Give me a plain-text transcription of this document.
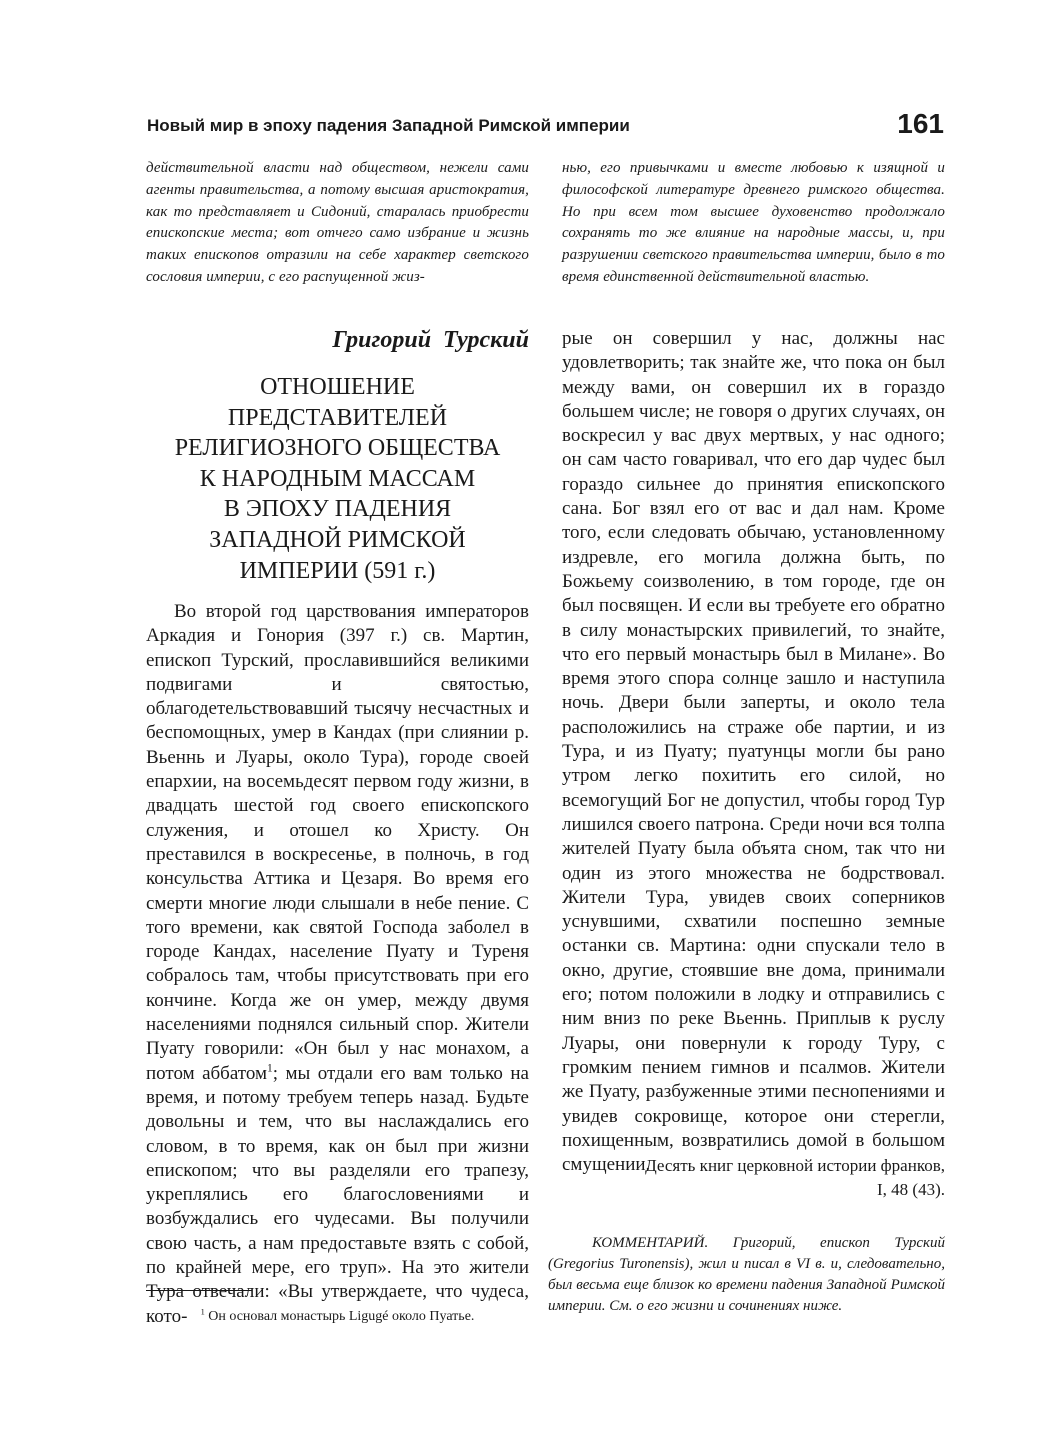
Новый мир в эпоху падения Западной Римской империи	161
действительной власти над обществом, нежели сами агенты правительства, а потому высшая аристократия, как то представляет и Сидоний, старалась приобрести епископские места; вот отчего само избрание и жизнь таких епископов отразили на себе характер светского сословия империи, с его распущенной жиз-
нью, его привычками и вместе любовью к изящной и философской литературе древнего римского общества. Но при всем том высшее духовенство продолжало сохранять то же влияние на народные массы, и, при разрушении светского правительства империи, было в то время единственной действительной властью.
Григорий Турский
ОТНОШЕНИЕ
ПРЕДСТАВИТЕЛЕЙ
РЕЛИГИОЗНОГО ОБЩЕСТВА
К НАРОДНЫМ МАССАМ
В ЭПОХУ ПАДЕНИЯ
ЗАПАДНОЙ РИМСКОЙ
ИМПЕРИИ (591 г.)

Во второй год царствования императоров Аркадия и Гонория (397 г.) св. Мартин, епископ Турский, прославившийся великими подвигами и святостью, облагодетельствовавший тысячу несчастных и беспомощных, умер в Кандах (при слиянии р. Вьеннь и Луары, около Тура), городе своей епархии, на восемьдесят первом году жизни, в двадцать шестой год своего епископского служения, и отошел ко Христу. Он преставился в воскресенье, в полночь, в год консульства Аттика и Цезаря. Во время его смерти многие люди слышали в небе пение. С того времени, как святой Господа заболел в городе Кандах, население Пуату и Туреня собралось там, чтобы присутствовать при его кончине. Когда же он умер, между двумя населениями поднялся сильный спор. Жители Пуату говорили: «Он был у нас монахом, а потом аббатом$^1$; мы отдали его вам только на время, и потому требуем теперь назад. Будьте довольны и тем, что вы наслаждались его словом, в то время, как он был при жизни епископом; что вы разделяли его трапезу, укреплялись его благословениями и возбуждались его чудесами. Вы получили свою часть, а нам предоставьте взять с собой, по крайней мере, его труп». На это жители Тура отвечали: «Вы утверждаете, что чудеса, кото-

рые он совершил у нас, должны нас удовлетворить; так знайте же, что пока он был между вами, он совершил их в гораздо большем числе; не говоря о других случаях, он воскресил у вас двух мертвых, у нас одного; он сам часто говаривал, что его дар чудес был гораздо сильнее до принятия епископского сана. Бог взял его от вас и дал нам. Кроме того, если следовать обычаю, установленному издревле, его могила должна быть, по Божьему соизволению, в том городе, где он был посвящен. И если вы требуете его обратно в силу монастырских привилегий, то знайте, что его первый монастырь был в Милане». Во время этого спора солнце зашло и наступила ночь. Двери были заперты, и около тела расположились на страже обе партии, и из Тура, и из Пуату; пуатунцы могли бы рано утром легко похитить его силой, но всемогущий Бог не допустил, чтобы город Тур лишился своего патрона. Среди ночи вся толпа жителей Пуату была объята сном, так что ни один из этого множества не бодрствовал. Жители Тура, увидев своих соперников уснувшими, схватили поспешно земные останки св. Мартина: одни спускали тело в окно, другие, стоявшие вне дома, принимали его; потом положили в лодку и отправились с ним вниз по реке Вьеннь. Приплыв к руслу Луары, они повернули к городу Туру, с громким пением гимнов и псалмов. Жители же Пуату, разбуженные этими песнопениями и увидев сокровище, которое они стерегли, похищенным, возвратились домой в большом смущении.

Десять книг церковной истории франков,
I, 48 (43).

КОММЕНТАРИЙ. Григорий, епископ Турский (Gregorius Turonensis), жил и писал в VI в. и, следовательно, был весьма еще близок ко времени падения Западной Римской империи. См. о его жизни и сочинениях ниже.

$^1$ Он основал монастырь Ligugé около Пуатье.
